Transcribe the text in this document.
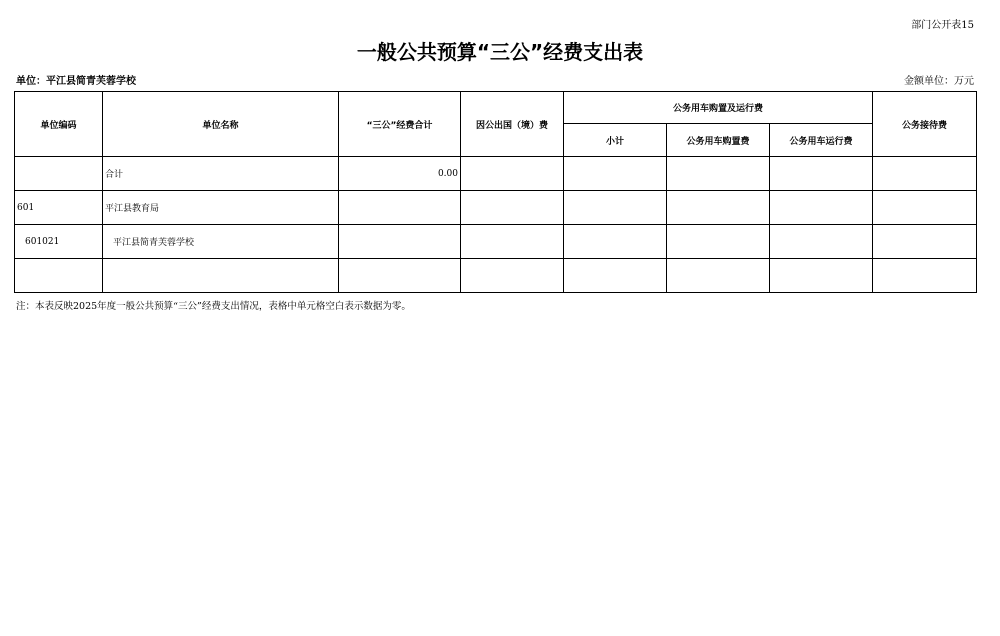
部门公开表15
一般公共预算“三公”经费支出表
单位：平江县简青芙蓉学校	金额单位：万元
单位编码	单位名称	“三公”经费合计	因公出国（境）费	公务用车购置及运行费			公务接待费
				小计	公务用车购置费	公务用车运行费	
	合计	0.00					
601	平江县教育局						
601021	平江县简青芙蓉学校						

注：本表反映2025年度一般公共预算“三公”经费支出情况，表格中单元格空白表示数据为零。
